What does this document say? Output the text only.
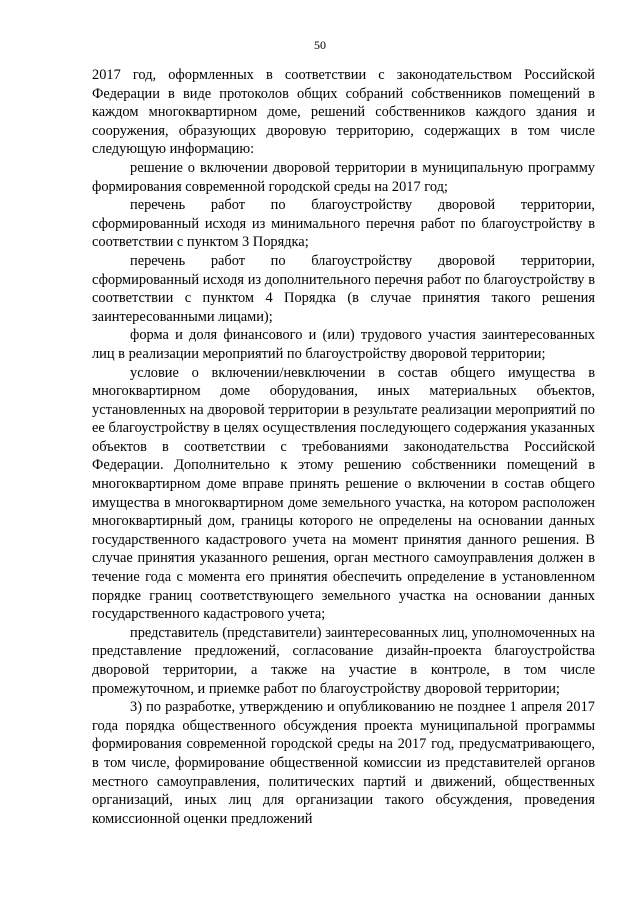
50

2017 год, оформленных в соответствии с законодательством Российской Федерации в виде протоколов общих собраний собственников помещений в каждом многоквартирном доме, решений собственников каждого здания и сооружения, образующих дворовую территорию, содержащих в том числе следующую информацию:

решение о включении дворовой территории в муниципальную программу формирования современной городской среды на 2017 год;

перечень работ по благоустройству дворовой территории, сформированный исходя из минимального перечня работ по благоустройству в соответствии с пунктом 3 Порядка;

перечень работ по благоустройству дворовой территории, сформированный исходя из дополнительного перечня работ по благоустройству в соответствии с пунктом 4 Порядка (в случае принятия такого решения заинтересованными лицами);

форма и доля финансового и (или) трудового участия заинтересованных лиц в реализации мероприятий по благоустройству дворовой территории;

условие о включении/невключении в состав общего имущества в многоквартирном доме оборудования, иных материальных объектов, установленных на дворовой территории в результате реализации мероприятий по ее благоустройству в целях осуществления последующего содержания указанных объектов в соответствии с требованиями законодательства Российской Федерации. Дополнительно к этому решению собственники помещений в многоквартирном доме вправе принять решение о включении в состав общего имущества в многоквартирном доме земельного участка, на котором расположен многоквартирный дом, границы которого не определены на основании данных государственного кадастрового учета на момент принятия данного решения. В случае принятия указанного решения, орган местного самоуправления должен в течение года с момента его принятия обеспечить определение в установленном порядке границ соответствующего земельного участка на основании данных государственного кадастрового учета;

представитель (представители) заинтересованных лиц, уполномоченных на представление предложений, согласование дизайн-проекта благоустройства дворовой территории, а также на участие в контроле, в том числе промежуточном, и приемке работ по благоустройству дворовой территории;

3) по разработке, утверждению и опубликованию не позднее 1 апреля 2017 года порядка общественного обсуждения проекта муниципальной программы формирования современной городской среды на 2017 год, предусматривающего, в том числе, формирование общественной комиссии из представителей органов местного самоуправления, политических партий и движений, общественных организаций, иных лиц для организации такого обсуждения, проведения комиссионной оценки предложений
